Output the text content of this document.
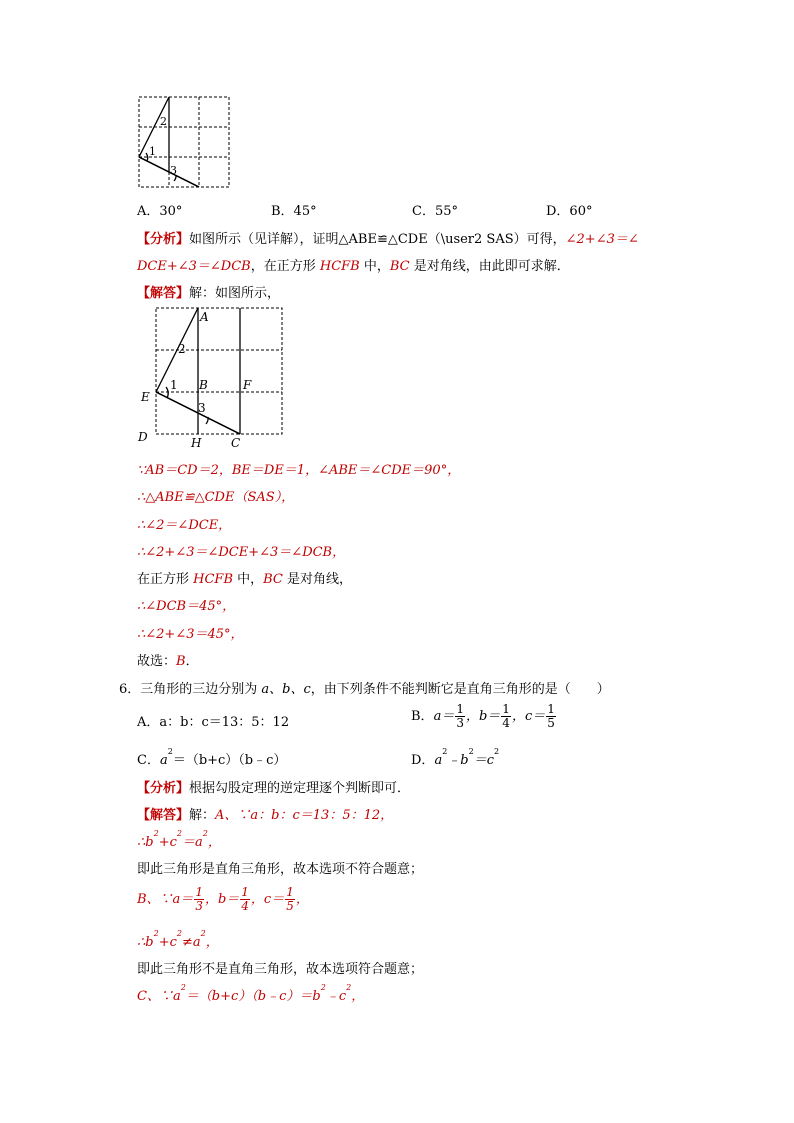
2
1
3
A．30°	B．45°	C．55°	D．60°
【分析】如图所示（见详解），证明△ABE≌△CDE（\user2 SAS）可得，∠2+∠3＝∠
DCE+∠3＝∠DCB，在正方形 HCFB 中，BC 是对角线，由此即可求解．
【解答】解：如图所示，
A
2
E
1 B	F
3
D	H C
∵AB＝CD＝2，BE＝DE＝1，∠ABE＝∠CDE＝90°，
∴△ABE≌△CDE（SAS），
∴∠2＝∠DCE，
∴∠2+∠3＝∠DCE+∠3＝∠DCB，
在正方形 HCFB 中，BC 是对角线，
∴∠DCB＝45°，
∴∠2+∠3＝45°，
故选：B．
6．三角形的三边分别为 a、b、c，由下列条件不能判断它是直角三角形的是（　　）
A．a：b：c＝13：5：12	B．$a= \frac{1}{3}$ ，$b= \frac{1}{4}$ ，$c= \frac{1}{5}$
C．$a^2=(b+c)(b﹣c)$	D．$a^2﹣b^2=c^2$
【分析】根据勾股定理的逆定理逐个判断即可．
【解答】解：A、∵a：b：c＝13：5：12，
$\therefore b^2+c^2=a^2$，
即此三角形是直角三角形，故本选项不符合题意；
B、∵a＝ $\frac{1}{3}$ ，$b= \frac{1}{4}$ ，$c= \frac{1}{5}$ ，
$\therefore b^2+c^2\ne a^2$，
即此三角形不是直角三角形，故本选项符合题意；
C、$\because a^2=(b+c)(b﹣c)=b^2﹣c^2$，
